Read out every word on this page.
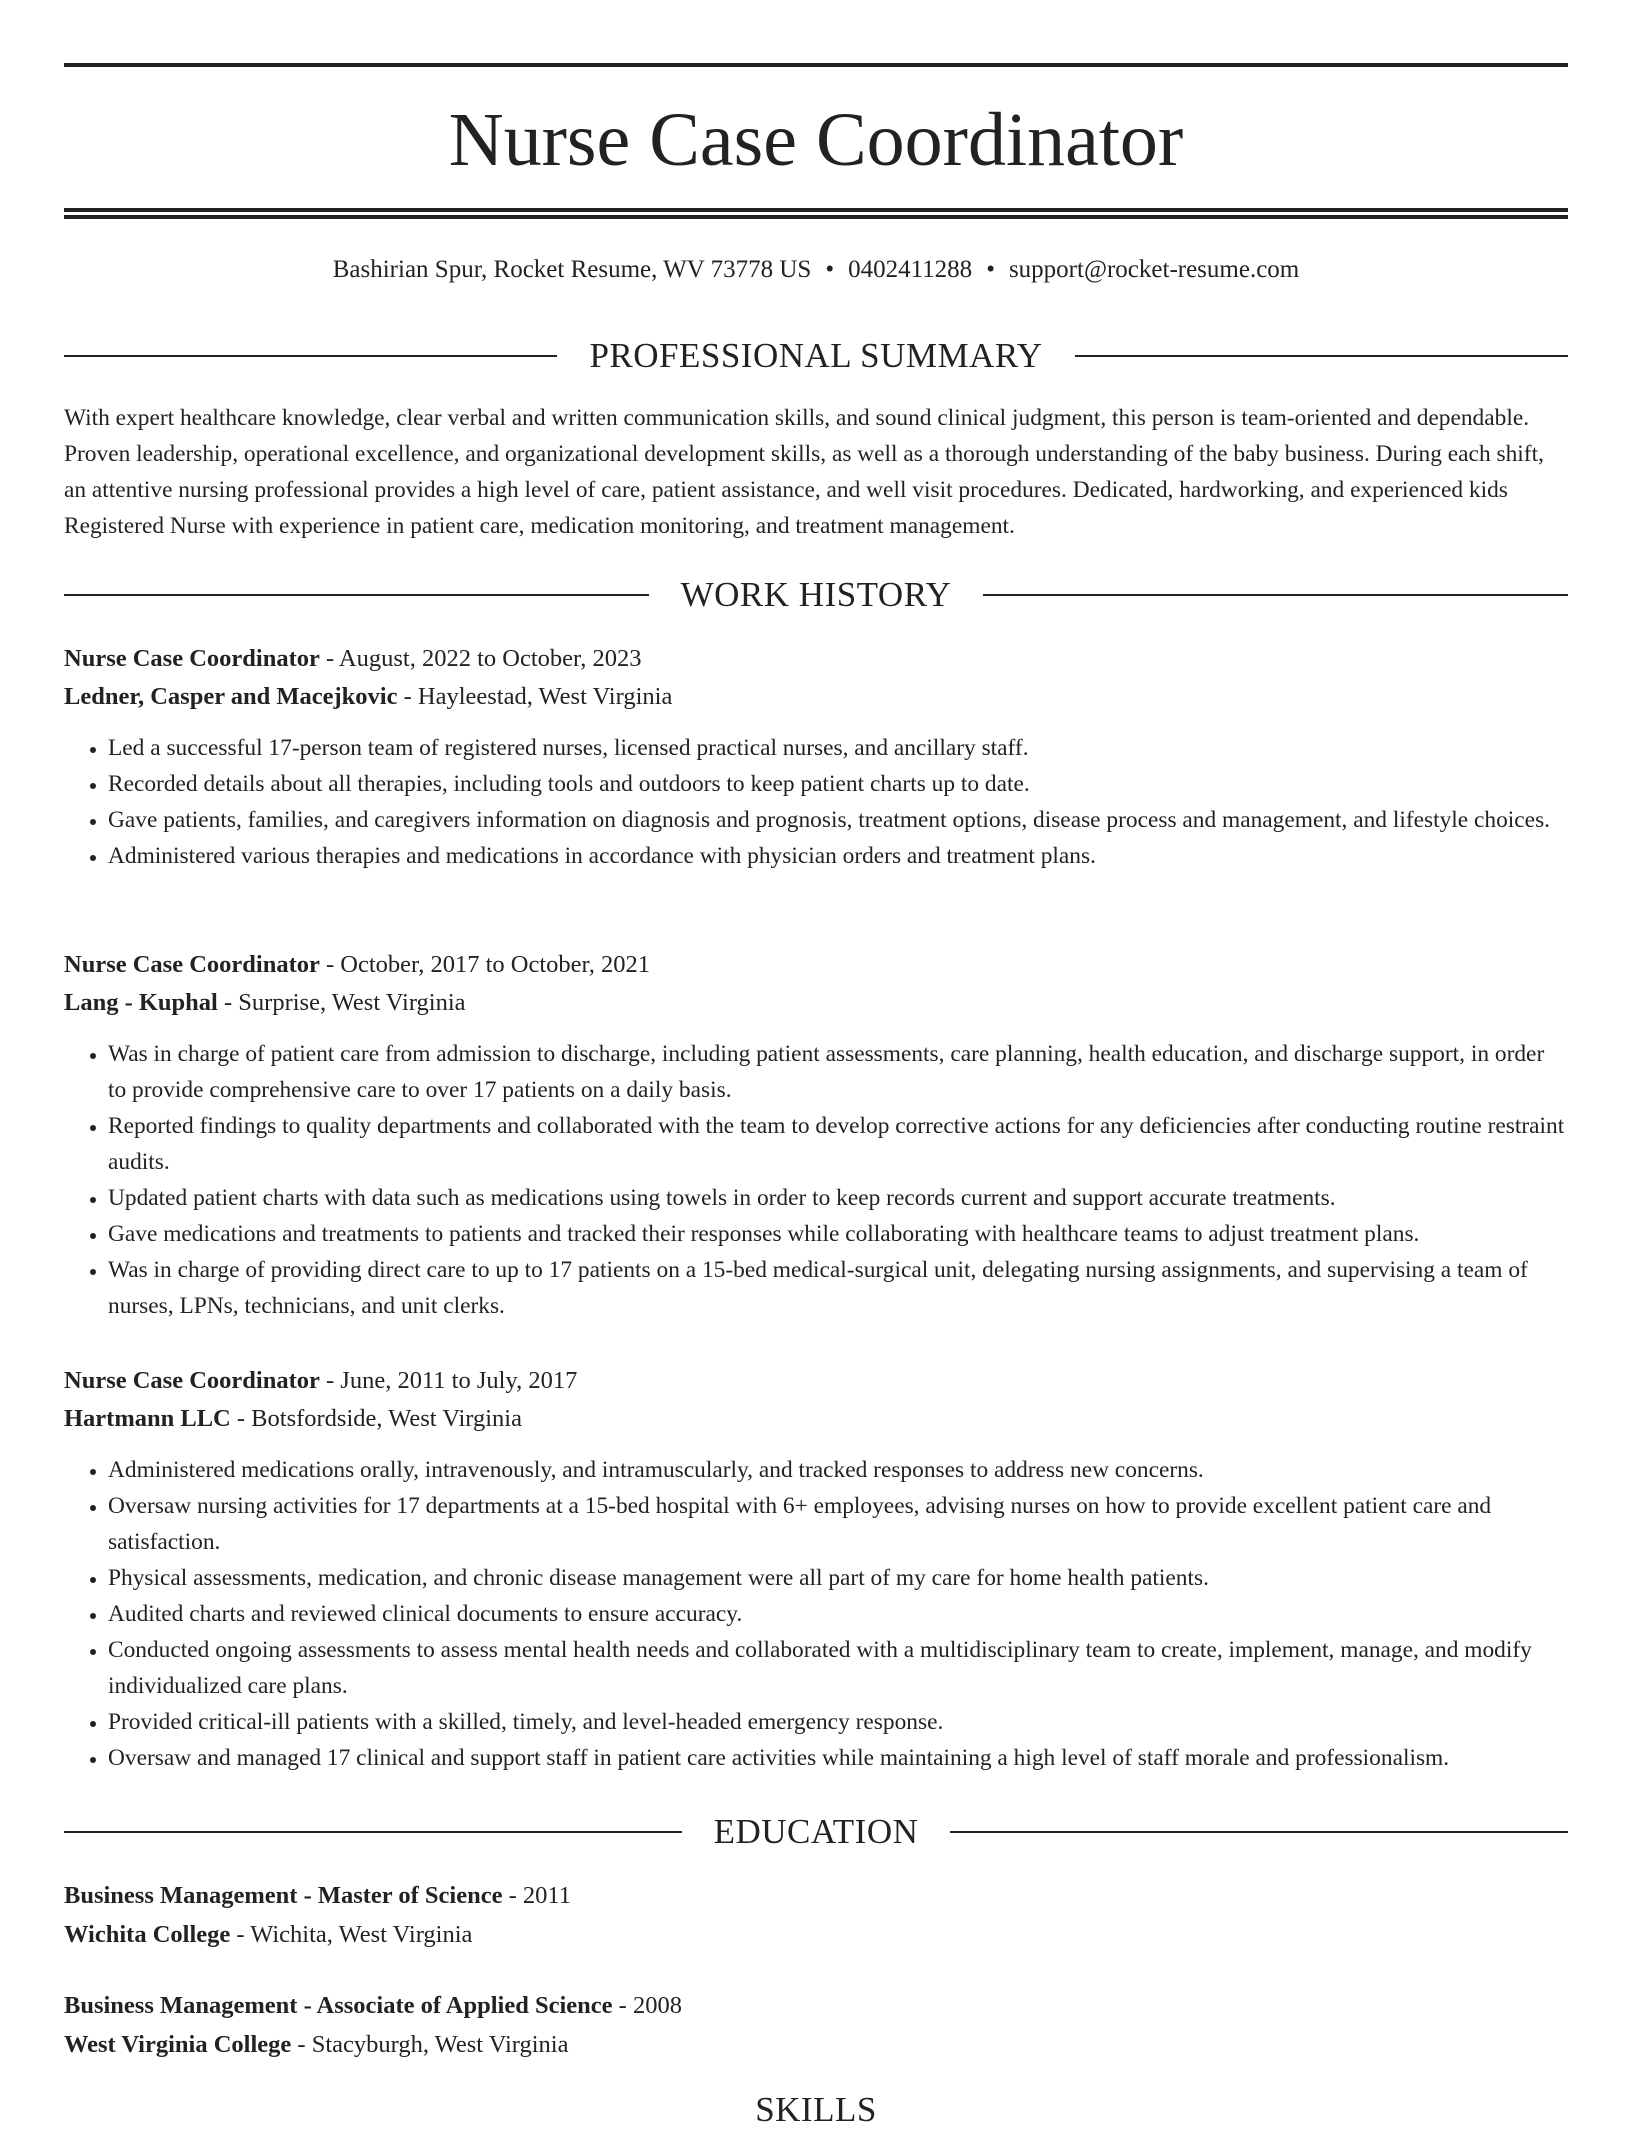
Nurse Case Coordinator
Bashirian Spur, Rocket Resume, WV 73778 US • 0402411288 • support@rocket-resume.com
PROFESSIONAL SUMMARY

With expert healthcare knowledge, clear verbal and written communication skills, and sound clinical judgment, this person is team-oriented and dependable. Proven leadership, operational excellence, and organizational development skills, as well as a thorough understanding of the baby business. During each shift, an attentive nursing professional provides a high level of care, patient assistance, and well visit procedures. Dedicated, hardworking, and experienced kids Registered Nurse with experience in patient care, medication monitoring, and treatment management.

WORK HISTORY
Nurse Case Coordinator - August, 2022 to October, 2023
Ledner, Casper and Macejkovic - Hayleestad, West Virginia
• Led a successful 17-person team of registered nurses, licensed practical nurses, and ancillary staff.
• Recorded details about all therapies, including tools and outdoors to keep patient charts up to date.
• Gave patients, families, and caregivers information on diagnosis and prognosis, treatment options, disease process and management, and lifestyle choices.
• Administered various therapies and medications in accordance with physician orders and treatment plans.
Nurse Case Coordinator - October, 2017 to October, 2021
Lang - Kuphal - Surprise, West Virginia
• Was in charge of patient care from admission to discharge, including patient assessments, care planning, health education, and discharge support, in order to provide comprehensive care to over 17 patients on a daily basis.
• Reported findings to quality departments and collaborated with the team to develop corrective actions for any deficiencies after conducting routine restraint audits.
• Updated patient charts with data such as medications using towels in order to keep records current and support accurate treatments.
• Gave medications and treatments to patients and tracked their responses while collaborating with healthcare teams to adjust treatment plans.
• Was in charge of providing direct care to up to 17 patients on a 15-bed medical-surgical unit, delegating nursing assignments, and supervising a team of nurses, LPNs, technicians, and unit clerks.
Nurse Case Coordinator - June, 2011 to July, 2017
Hartmann LLC - Botsfordside, West Virginia
• Administered medications orally, intravenously, and intramuscularly, and tracked responses to address new concerns.
• Oversaw nursing activities for 17 departments at a 15-bed hospital with 6+ employees, advising nurses on how to provide excellent patient care and satisfaction.
• Physical assessments, medication, and chronic disease management were all part of my care for home health patients.
• Audited charts and reviewed clinical documents to ensure accuracy.
• Conducted ongoing assessments to assess mental health needs and collaborated with a multidisciplinary team to create, implement, manage, and modify individualized care plans.
• Provided critical-ill patients with a skilled, timely, and level-headed emergency response.
• Oversaw and managed 17 clinical and support staff in patient care activities while maintaining a high level of staff morale and professionalism.
EDUCATION
Business Management - Master of Science - 2011
Wichita College - Wichita, West Virginia
Business Management - Associate of Applied Science - 2008
West Virginia College - Stacyburgh, West Virginia
SKILLS
